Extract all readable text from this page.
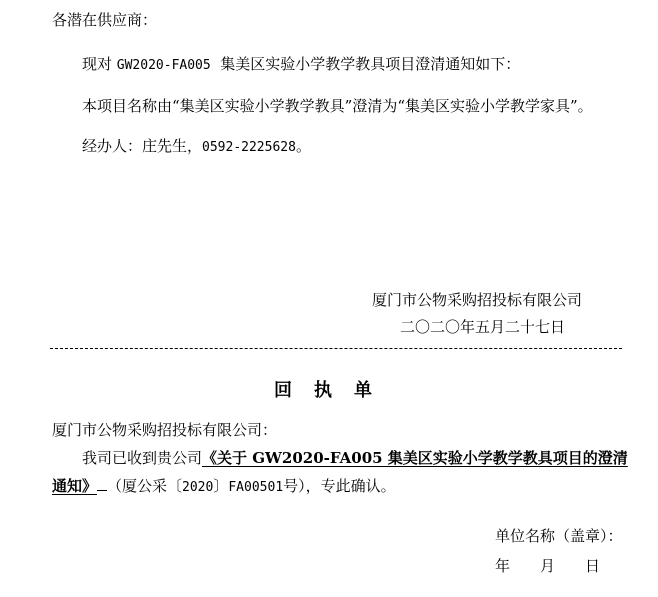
各潜在供应商：
现对 GW2020-FA005  集美区实验小学教学教具项目澄清通知如下：
本项目名称由“集美区实验小学教学教具”澄清为“集美区实验小学教学家具”。
经办人：庄先生，0592-2225628。
厦门市公物采购招投标有限公司
二〇二〇年五月二十七日
回执单
厦门市公物采购招投标有限公司：
我司已收到贵公司《关于 GW2020-FA005 集美区实验小学教学教具项目的澄清
通知》 （厦公采〔2020〕FA00501号），专此确认。
单位名称（盖章）：
年 月 日
